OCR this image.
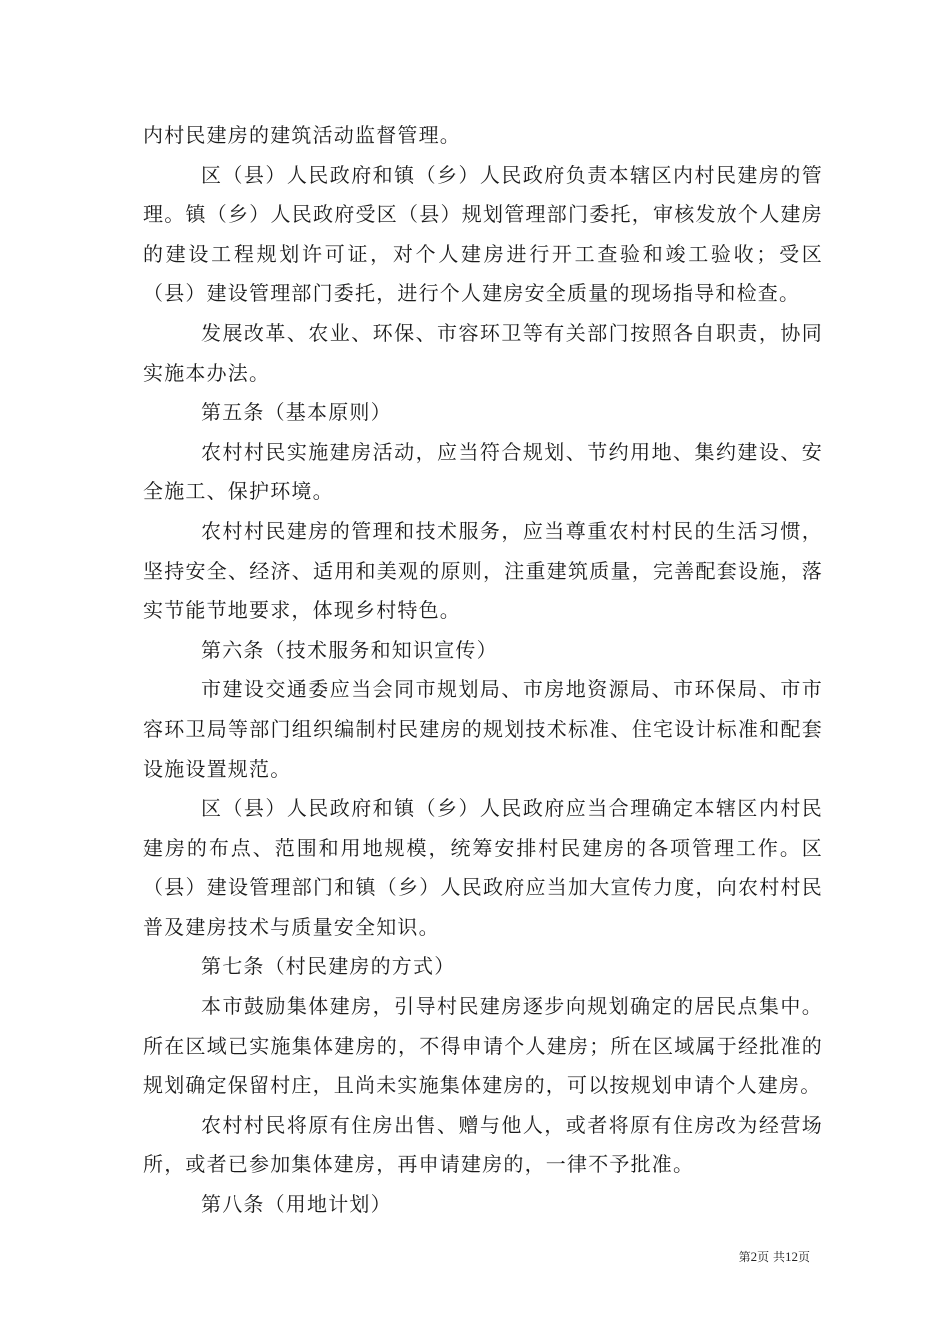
内村民建房的建筑活动监督管理。

区（县）人民政府和镇（乡）人民政府负责本辖区内村民建房的管理。镇（乡）人民政府受区（县）规划管理部门委托，审核发放个人建房的建设工程规划许可证，对个人建房进行开工查验和竣工验收；受区（县）建设管理部门委托，进行个人建房安全质量的现场指导和检查。

发展改革、农业、环保、市容环卫等有关部门按照各自职责，协同实施本办法。

第五条（基本原则）

农村村民实施建房活动，应当符合规划、节约用地、集约建设、安全施工、保护环境。

农村村民建房的管理和技术服务，应当尊重农村村民的生活习惯，坚持安全、经济、适用和美观的原则，注重建筑质量，完善配套设施，落实节能节地要求，体现乡村特色。

第六条（技术服务和知识宣传）

市建设交通委应当会同市规划局、市房地资源局、市环保局、市市容环卫局等部门组织编制村民建房的规划技术标准、住宅设计标准和配套设施设置规范。

区（县）人民政府和镇（乡）人民政府应当合理确定本辖区内村民建房的布点、范围和用地规模，统筹安排村民建房的各项管理工作。区（县）建设管理部门和镇（乡）人民政府应当加大宣传力度，向农村村民普及建房技术与质量安全知识。

第七条（村民建房的方式）

本市鼓励集体建房，引导村民建房逐步向规划确定的居民点集中。所在区域已实施集体建房的，不得申请个人建房；所在区域属于经批准的规划确定保留村庄，且尚未实施集体建房的，可以按规划申请个人建房。

农村村民将原有住房出售、赠与他人，或者将原有住房改为经营场所，或者已参加集体建房，再申请建房的，一律不予批准。

第八条（用地计划）

第2页 共12页
